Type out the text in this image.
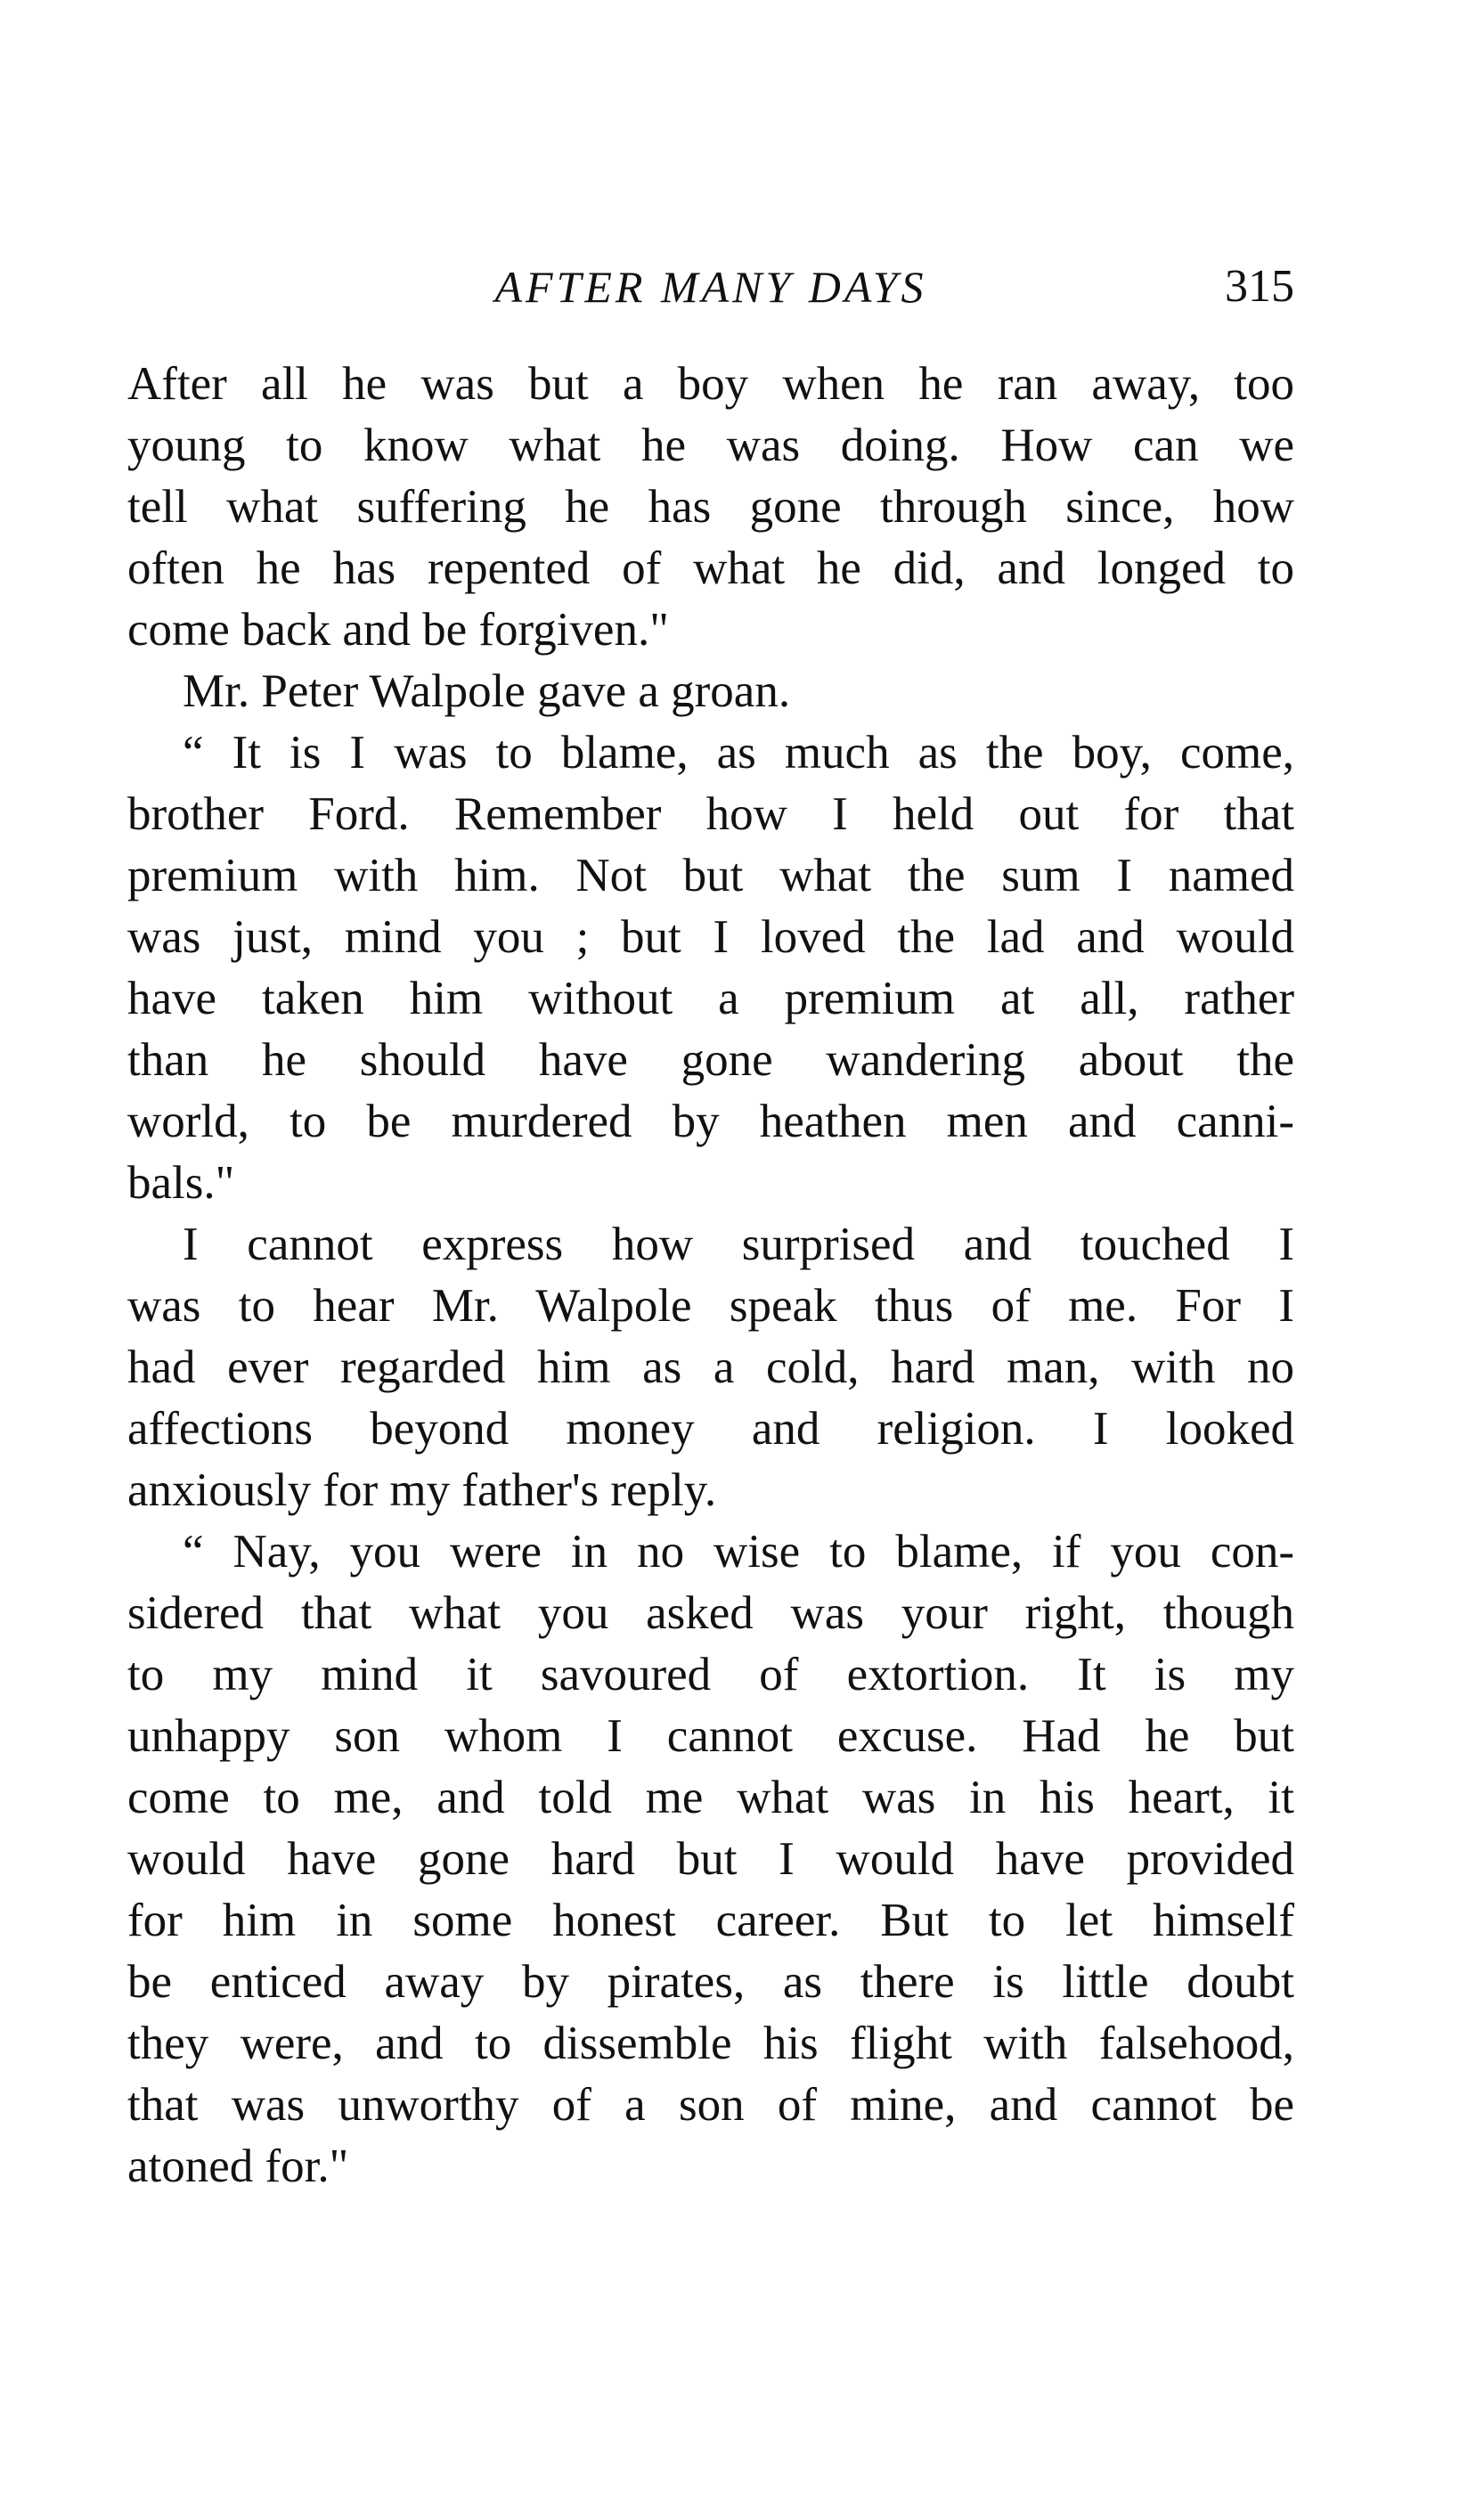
AFTER MANY DAYS	315
After all he was but a boy when he ran away, too
young to know what he was doing. How can we
tell what suffering he has gone through since, how
often he has repented of what he did, and longed to
come back and be forgiven."
Mr. Peter Walpole gave a groan.
“ It is I was to blame, as much as the boy, come,
brother Ford. Remember how I held out for that
premium with him. Not but what the sum I named
was just, mind you ; but I loved the lad and would
have taken him without a premium at all, rather
than he should have gone wandering about the
world, to be murdered by heathen men and canni-
bals."
I cannot express how surprised and touched I
was to hear Mr. Walpole speak thus of me. For I
had ever regarded him as a cold, hard man, with no
affections beyond money and religion. I looked
anxiously for my father's reply.
“ Nay, you were in no wise to blame, if you con-
sidered that what you asked was your right, though
to my mind it savoured of extortion. It is my
unhappy son whom I cannot excuse. Had he but
come to me, and told me what was in his heart, it
would have gone hard but I would have provided
for him in some honest career. But to let himself
be enticed away by pirates, as there is little doubt
they were, and to dissemble his flight with falsehood,
that was unworthy of a son of mine, and cannot be
atoned for."
